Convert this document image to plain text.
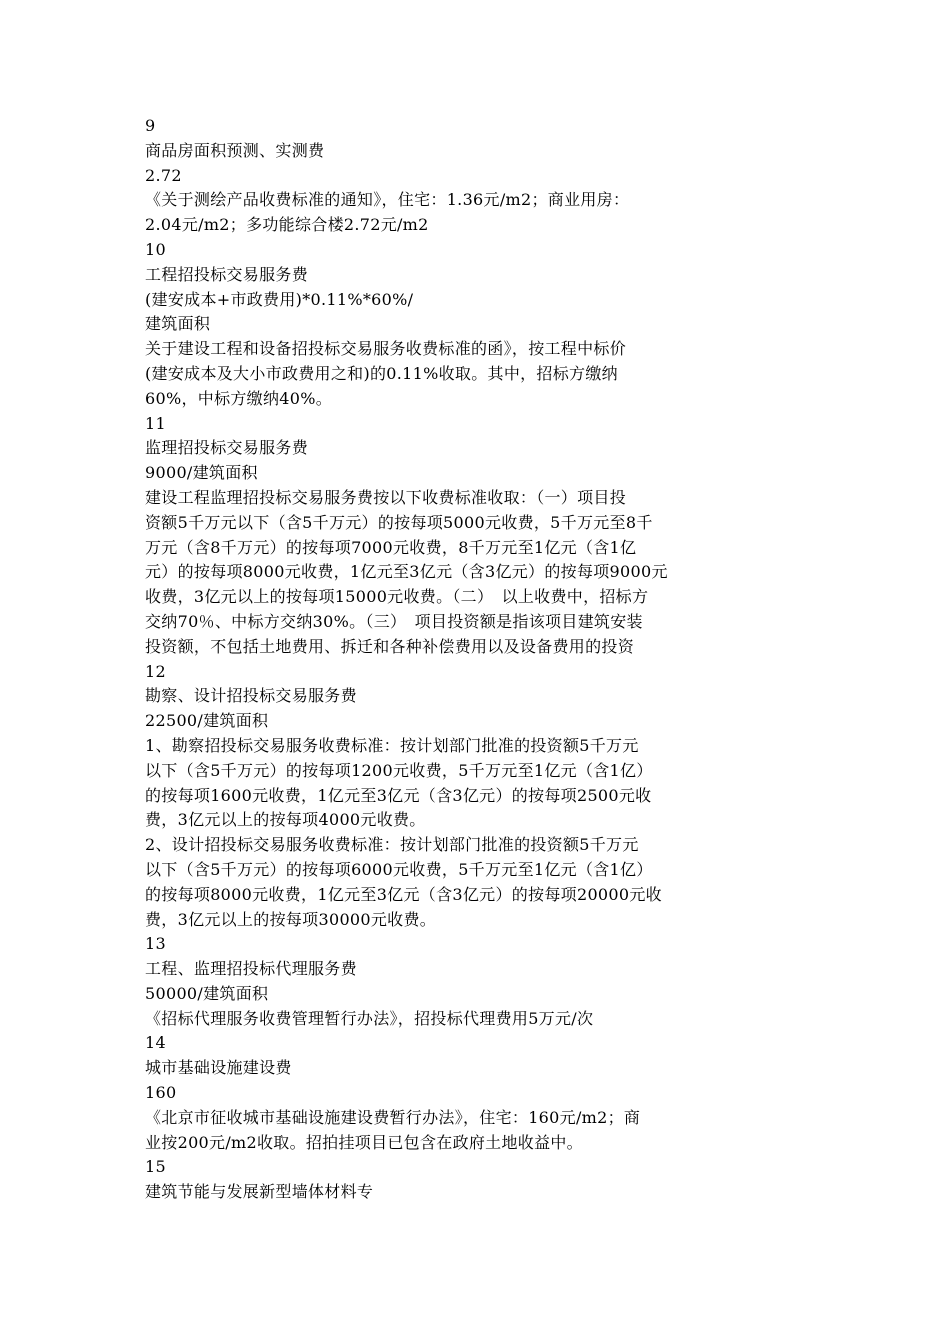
9
商品房面积预测、实测费
2.72
《关于测绘产品收费标准的通知》，住宅：1.36元/m2；商业用房：
2.04元/m2；多功能综合楼2.72元/m2
10
工程招投标交易服务费
(建安成本+市政费用)*0.11%*60%/
建筑面积
关于建设工程和设备招投标交易服务收费标准的函》，按工程中标价
(建安成本及大小市政费用之和)的0.11%收取。其中，招标方缴纳
60%，中标方缴纳40%。
11
监理招投标交易服务费
9000/建筑面积
建设工程监理招投标交易服务费按以下收费标准收取：（一）项目投
资额5千万元以下（含5千万元）的按每项5000元收费，5千万元至8千
万元（含8千万元）的按每项7000元收费，8千万元至1亿元（含1亿
元）的按每项8000元收费，1亿元至3亿元（含3亿元）的按每项9000元
收费，3亿元以上的按每项15000元收费。（二）　以上收费中，招标方
交纳70％、中标方交纳30%。（三）　项目投资额是指该项目建筑安装
投资额，不包括土地费用、拆迁和各种补偿费用以及设备费用的投资
12
勘察、设计招投标交易服务费
22500/建筑面积
1、勘察招投标交易服务收费标准：按计划部门批准的投资额5千万元
以下（含5千万元）的按每项1200元收费，5千万元至1亿元（含1亿）
的按每项1600元收费，1亿元至3亿元（含3亿元）的按每项2500元收
费，3亿元以上的按每项4000元收费。
2、设计招投标交易服务收费标准：按计划部门批准的投资额5千万元
以下（含5千万元）的按每项6000元收费，5千万元至1亿元（含1亿）
的按每项8000元收费，1亿元至3亿元（含3亿元）的按每项20000元收
费，3亿元以上的按每项30000元收费。
13
工程、监理招投标代理服务费
50000/建筑面积
《招标代理服务收费管理暂行办法》，招投标代理费用5万元/次
14
城市基础设施建设费
160
《北京市征收城市基础设施建设费暂行办法》，住宅：160元/m2；商
业按200元/m2收取。招拍挂项目已包含在政府土地收益中。
15
建筑节能与发展新型墙体材料专
